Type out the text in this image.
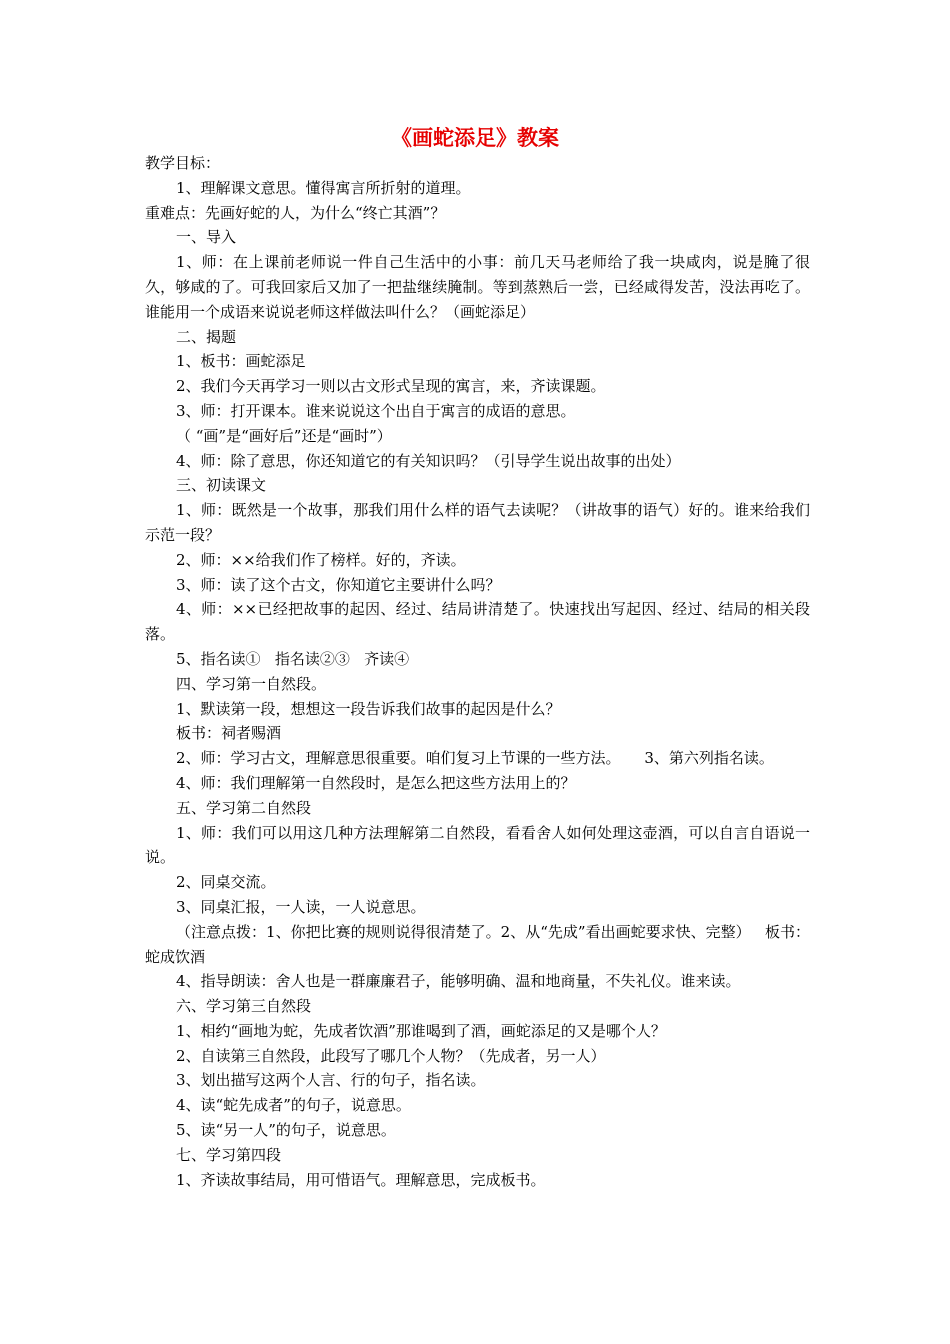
《画蛇添足》教案

教学目标：

1、理解课文意思。懂得寓言所折射的道理。

重难点：先画好蛇的人，为什么“终亡其酒”？

一、导入

1、师：在上课前老师说一件自己生活中的小事：前几天马老师给了我一块咸肉，说是腌了很久，够咸的了。可我回家后又加了一把盐继续腌制。等到蒸熟后一尝，已经咸得发苦，没法再吃了。谁能用一个成语来说说老师这样做法叫什么？（画蛇添足）

二、揭题

1、板书：画蛇添足

2、我们今天再学习一则以古文形式呈现的寓言，来，齐读课题。

3、师：打开课本。谁来说说这个出自于寓言的成语的意思。

（ “画”是“画好后”还是“画时”）

4、师：除了意思，你还知道它的有关知识吗？（引导学生说出故事的出处）

三、初读课文

1、师：既然是一个故事，那我们用什么样的语气去读呢？（讲故事的语气）好的。谁来给我们示范一段？

2、师：××给我们作了榜样。好的，齐读。

3、师：读了这个古文，你知道它主要讲什么吗？

4、师：××已经把故事的起因、经过、结局讲清楚了。快速找出写起因、经过、结局的相关段落。

5、指名读①   指名读②③   齐读④

四、学习第一自然段。

1、默读第一段，想想这一段告诉我们故事的起因是什么？

板书：祠者赐酒

2、师：学习古文，理解意思很重要。咱们复习上节课的一些方法。     3、第六列指名读。

4、师：我们理解第一自然段时，是怎么把这些方法用上的？

五、学习第二自然段

1、师：我们可以用这几种方法理解第二自然段，看看舍人如何处理这壶酒，可以自言自语说一说。

2、同桌交流。

3、同桌汇报，一人读，一人说意思。

（注意点拨：1、你把比赛的规则说得很清楚了。2、从“先成”看出画蛇要求快、完整）   板书：蛇成饮酒

4、指导朗读：舍人也是一群廉廉君子，能够明确、温和地商量，不失礼仪。谁来读。

六、学习第三自然段

1、相约“画地为蛇，先成者饮酒”那谁喝到了酒，画蛇添足的又是哪个人？

2、自读第三自然段，此段写了哪几个人物？（先成者，另一人）

3、划出描写这两个人言、行的句子，指名读。

4、读“蛇先成者”的句子，说意思。

5、读“另一人”的句子，说意思。

七、学习第四段

1、齐读故事结局，用可惜语气。理解意思，完成板书。
